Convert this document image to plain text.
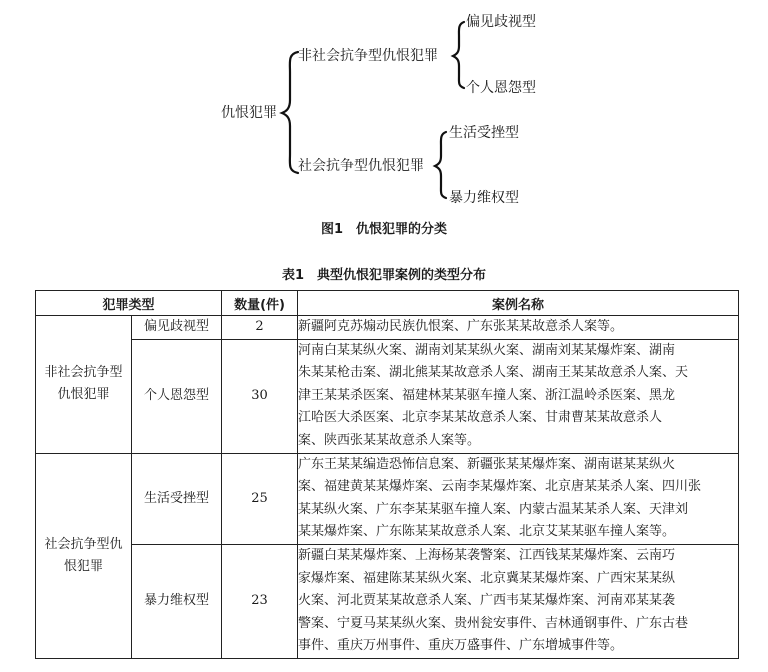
仇恨犯罪
非社会抗争型仇恨犯罪
社会抗争型仇恨犯罪
偏见歧视型
个人恩怨型
生活受挫型
暴力维权型
图1　仇恨犯罪的分类
表1　典型仇恨犯罪案例的类型分布
犯罪类型		数量(件)	案例名称

非社会抗争型仇恨犯罪	偏见歧视型	2	新疆阿克苏煽动民族仇恨案、广东张某某故意杀人案等。

	个人恩怨型	30	河南白某某纵火案、湖南刘某某纵火案、湖南刘某某爆炸案、湖南
朱某某枪击案、湖北熊某某故意杀人案、湖南王某某故意杀人案、天
津王某某杀医案、福建林某某驱车撞人案、浙江温岭杀医案、黑龙
江哈医大杀医案、北京李某某故意杀人案、甘肃曹某某故意杀人
案、陕西张某某故意杀人案等。

社会抗争型仇恨犯罪	生活受挫型	25	广东王某某编造恐怖信息案、新疆张某某爆炸案、湖南谌某某纵火
案、福建黄某某爆炸案、云南李某爆炸案、北京唐某某杀人案、四川张
某某纵火案、广东李某某驱车撞人案、内蒙古温某某杀人案、天津刘
某某爆炸案、广东陈某某故意杀人案、北京艾某某驱车撞人案等。

	暴力维权型	23	新疆白某某爆炸案、上海杨某袭警案、江西钱某某爆炸案、云南巧
家爆炸案、福建陈某某纵火案、北京冀某某爆炸案、广西宋某某纵
火案、河北贾某某故意杀人案、广西韦某某爆炸案、河南邓某某袭
警案、宁夏马某某纵火案、贵州瓮安事件、吉林通钢事件、广东古巷
事件、重庆万州事件、重庆万盛事件、广东增城事件等。
